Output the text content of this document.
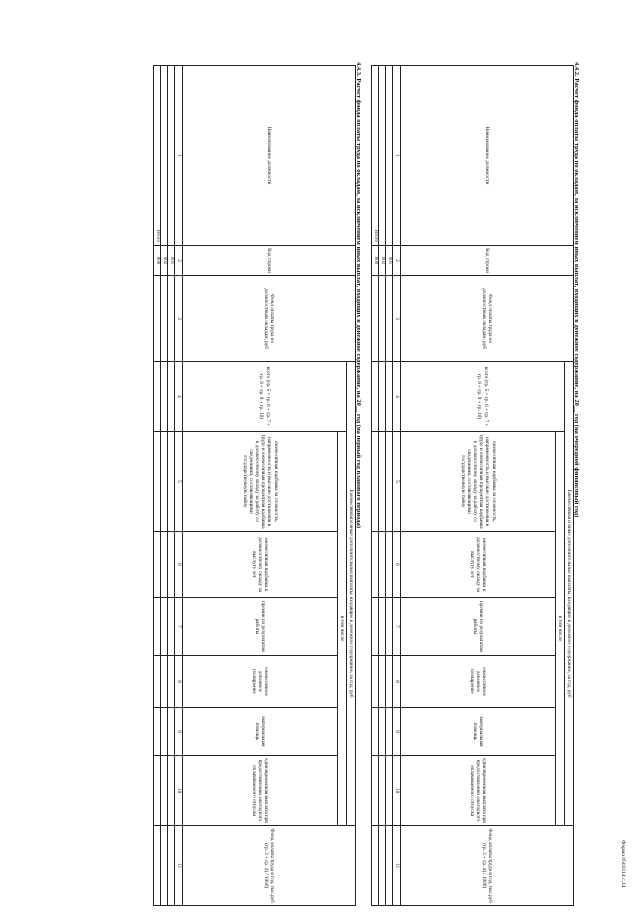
Форма 0503114 с.14
4.4.2. Расчет фонда оплаты труда по окладам, за исключением иных выплат, входящих в денежное содержание, на 20__ год (на очередной финансовый год)
Наименование должности	Код строки	Фонд оплаты труда по должностным окладам, руб	Ежемесячная и иные дополнительные выплаты, входящие в денежное содержание, за год, руб							Фонд оплаты труда в год, тыс.руб (гр. 3 + гр. 4) / 1000)
			всего (гр. 5 + гр. 6 + гр. 7 + гр. 8 + гр. 9 + гр. 10)	в том числе						
				ежемесячная надбавка за сложность, напряженность и высокие достижения в труде и ежемесячная процентная надбавка к должностному окладу за работу со сведениями, составляющими государственную тайну	ежемесячная надбавка к должностному окладу за выслугу лет	премии по результатам работы	ежемесячное денежное поощрение	материальная помощь	единовременная выплата при предоставлении ежегодного оплачиваемого отпуска	
1	2	3	4	5	6	7	8	9	10	11
	001									
	002									
Итого	900									
4.4.3. Расчет фонда оплаты труда по окладам, за исключением иных выплат, входящих в денежное содержание, на 20__ год (на первый год планового периода)
Наименование должности	Код строки	Фонд оплаты труда по должностным окладам, руб	Ежемесячная и иные дополнительные выплаты, входящие в денежное содержание, за год, руб							Фонд оплаты труда в год, тыс.руб (гр. 3 + гр. 4) / 1000)
			всего (гр. 5 = гр. 6 + гр. 7 + гр. 8 + гр. 9 + гр. 10)	в том числе						
				ежемесячная надбавка за сложность, напряженность и высокие достижения в труде и ежемесячная процентная надбавка к должностному окладу за работу со сведениями, составляющими государственную тайну	ежемесячная надбавка к должностному окладу за выслугу лет	премии по результатам работы	ежемесячное денежное поощрение	материальная помощь	единовременная выплата при предоставлении ежегодного оплачиваемого отпуска	
1	2	3	4	5	6	7	8	9	10	11
	001									
	002									
Итого	900									
